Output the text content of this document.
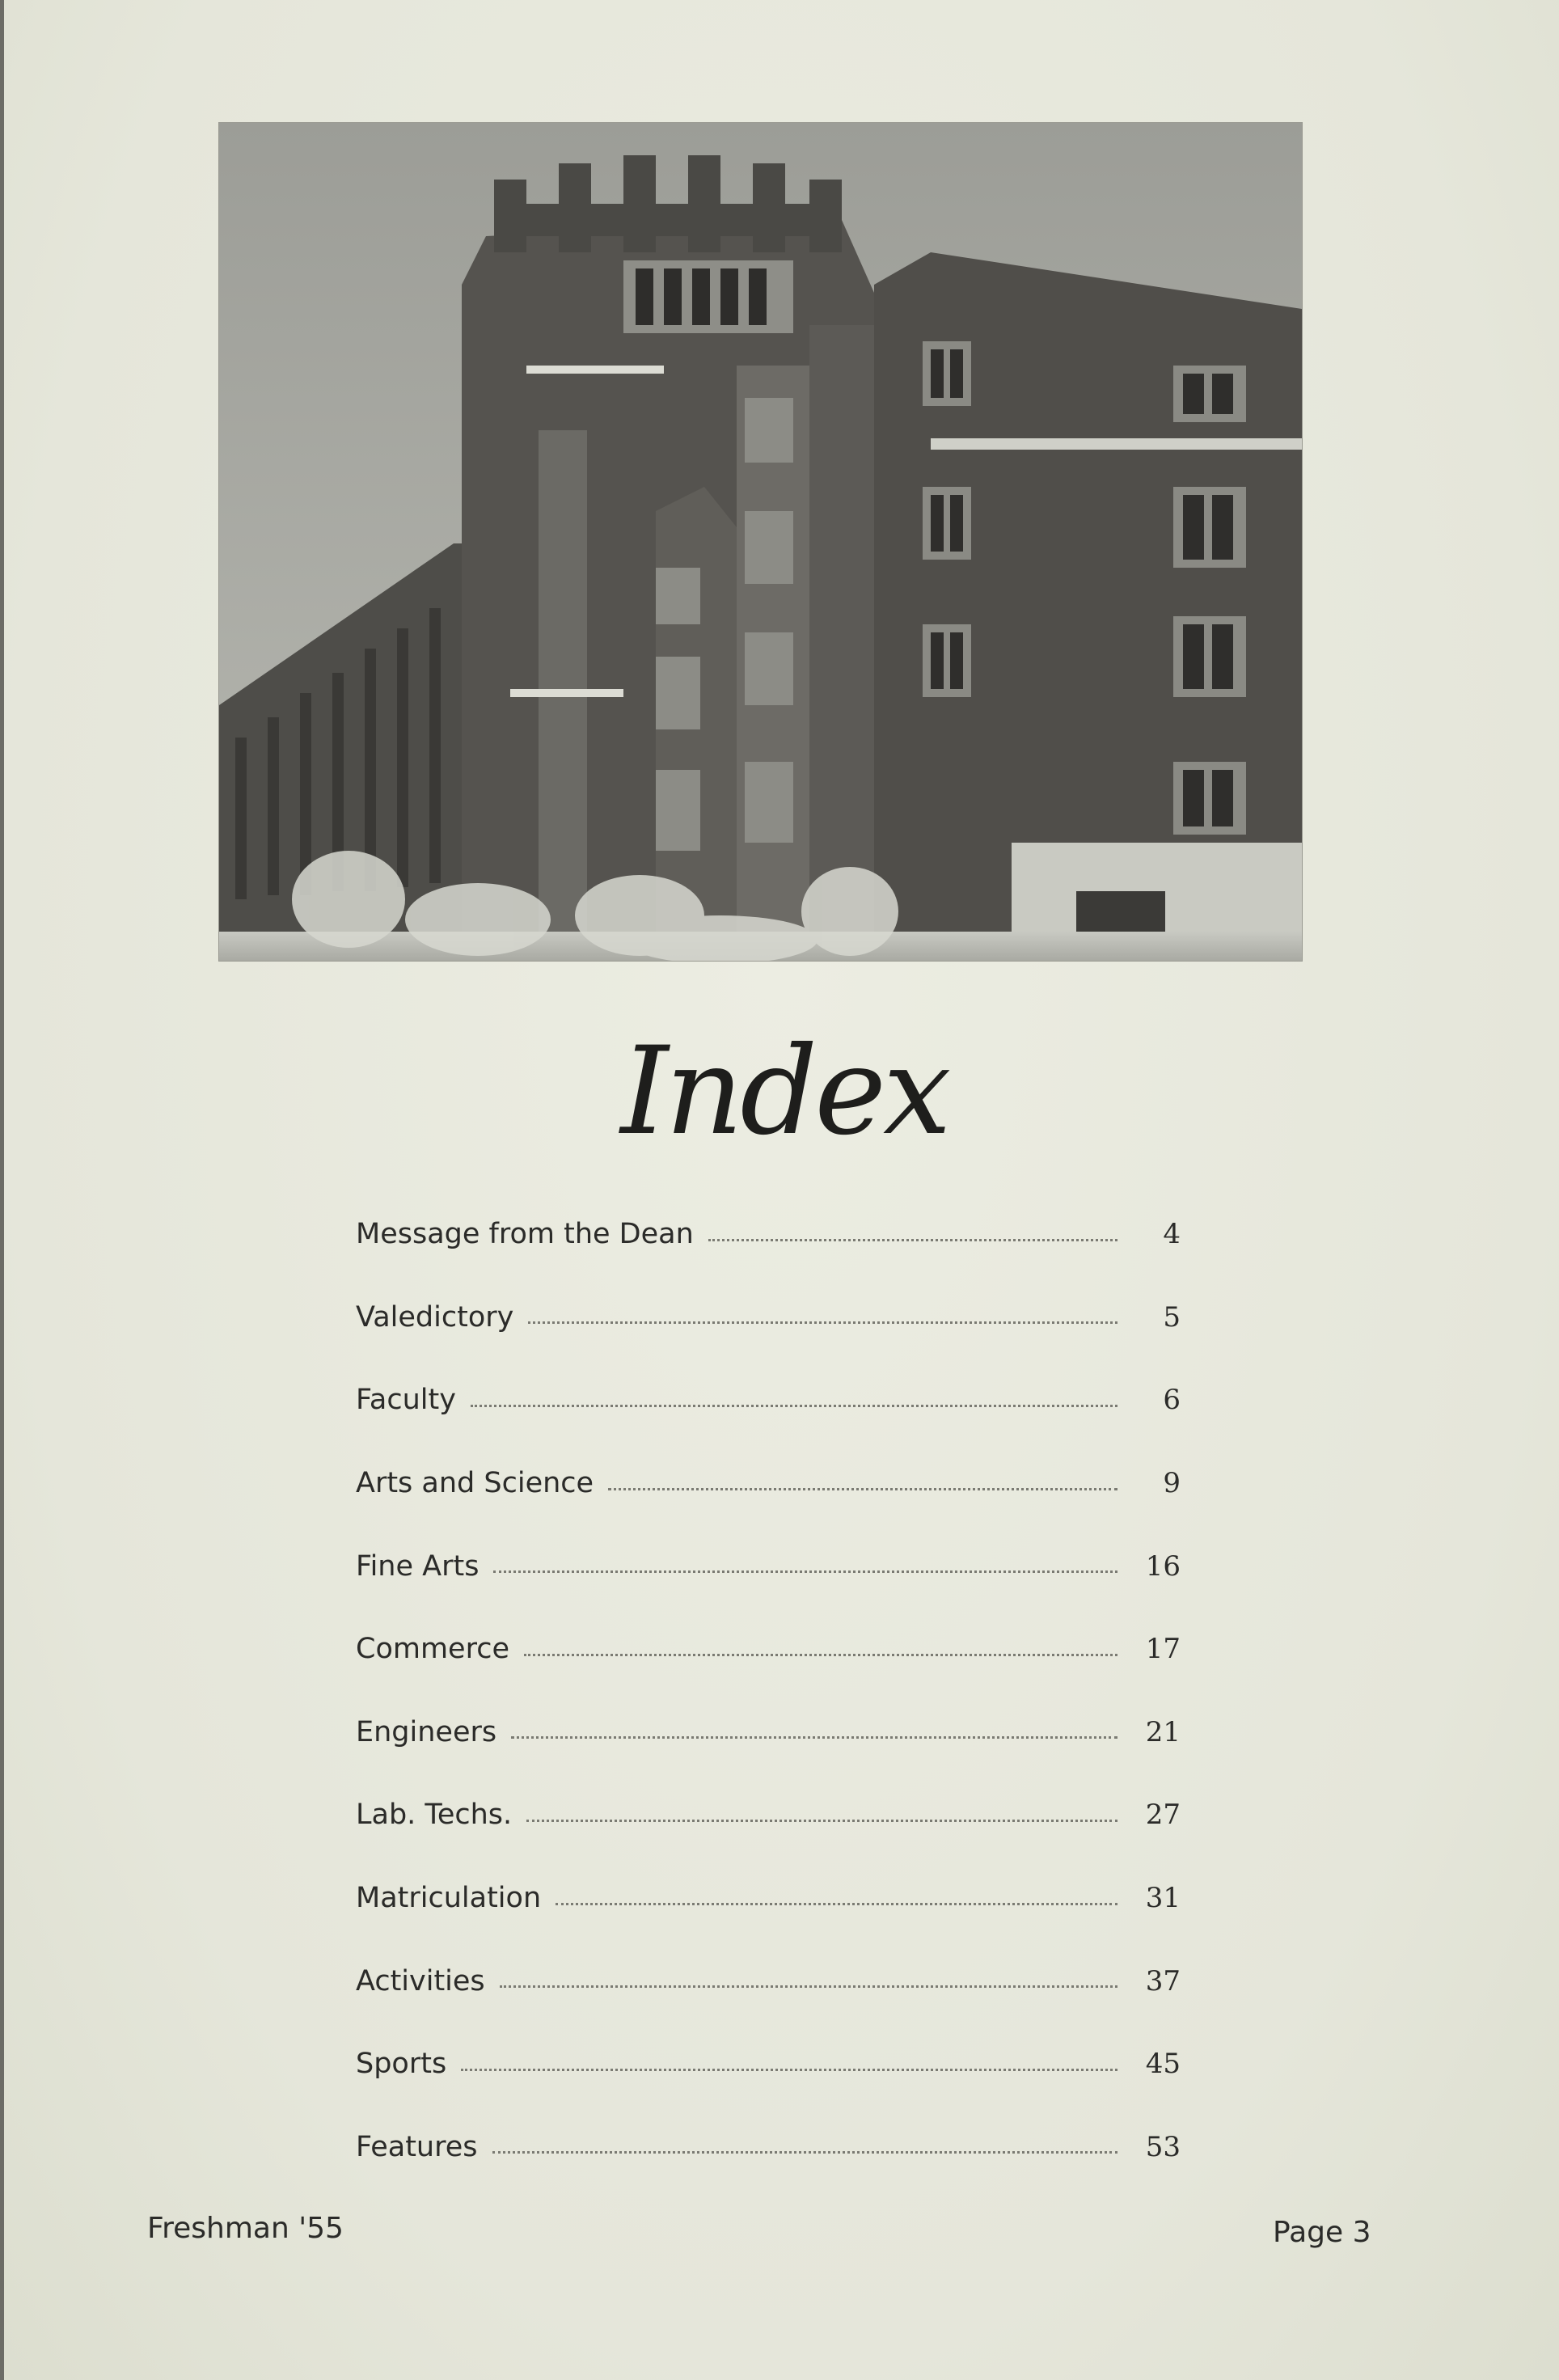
Index
Message from the Dean	4
Valedictory	5
Faculty	6
Arts and Science	9
Fine Arts	16
Commerce	17
Engineers	21
Lab. Techs.	27
Matriculation	31
Activities	37
Sports	45
Features	53
Freshman '55	Page 3
